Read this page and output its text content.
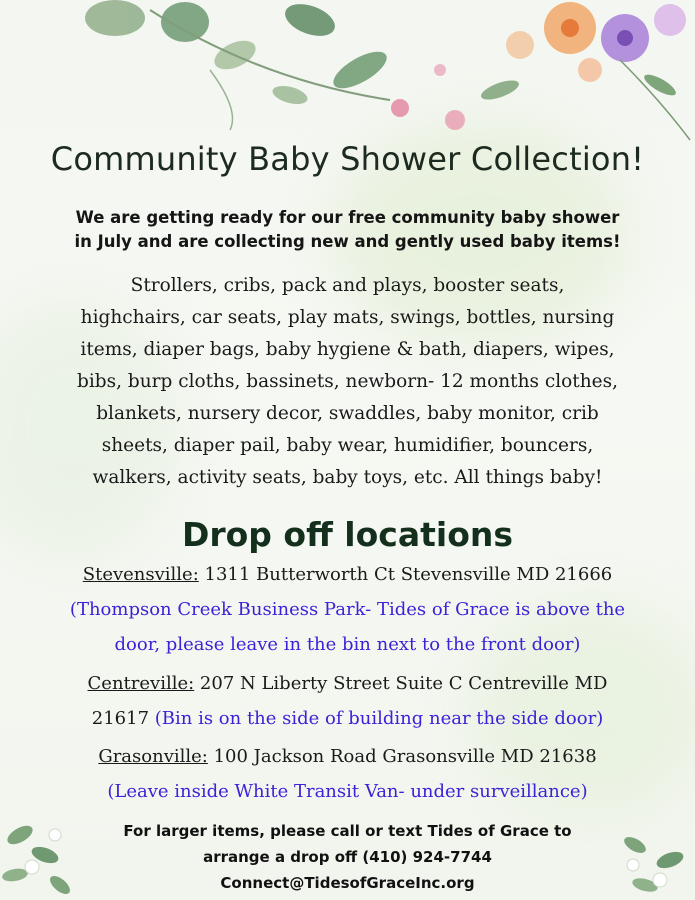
Community Baby Shower Collection!

We are getting ready for our free community baby shower
in July and are collecting new and gently used baby items!

Strollers, cribs, pack and plays, booster seats,
highchairs, car seats, play mats, swings, bottles, nursing
items, diaper bags, baby hygiene & bath, diapers, wipes,
bibs, burp cloths, bassinets, newborn- 12 months clothes,
blankets, nursery decor, swaddles, baby monitor, crib
sheets, diaper pail, baby wear, humidifier, bouncers,
walkers, activity seats, baby toys, etc. All things baby!

Drop off locations

Stevensville: 1311 Butterworth Ct Stevensville MD 21666

(Thompson Creek Business Park- Tides of Grace is above the

door, please leave in the bin next to the front door)

Centreville: 207 N Liberty Street Suite C Centreville MD

21617 (Bin is on the side of building near the side door)

Grasonville: 100 Jackson Road Grasonsville MD 21638

(Leave inside White Transit Van- under surveillance)

For larger items, please call or text Tides of Grace to
arrange a drop off (410) 924-7744
Connect@TidesofGraceInc.org
